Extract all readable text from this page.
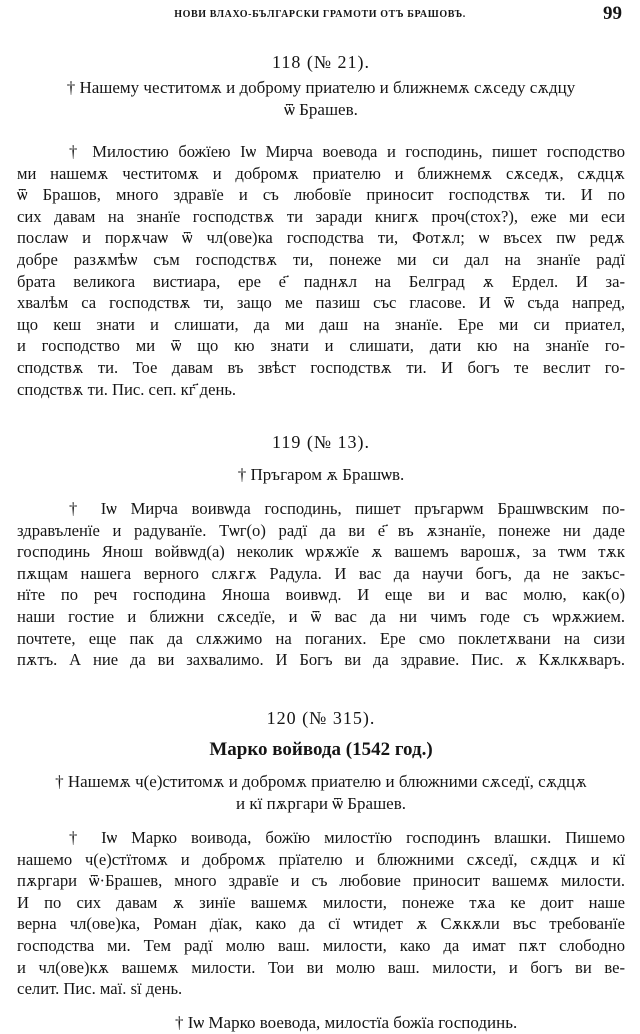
НОВИ ВЛАХО-БЪЛГАРСКИ ГРАМОТИ ОТЪ БРАШОВЪ.	99
118 (№ 21).
† Нашему честитомѫ и доброму приателю и ближнемѫ сѫседу сѫдцу
ѿ Брашев.
† Милостию божїею Іѡ Мирча воевода и господинь, пишет господство
ми нашемѫ честитомѫ и добромѫ приателю и ближнемѫ сѫседѫ, сѫдцѫ
ѿ Брашов, много здравїе и съ любовїе приносит господствѫ ти. И по
сих давам на знанїе господствѫ ти заради книгѫ проч(стох?), еже ми еси
послаѡ и порѫчаѡ ѿ чл(ове)ка господства ти, Фотѫл; ѡ въсех пѡ редѫ
добре разѫмѣѡ съм господствѫ ти, понеже ми си дал на знанїе радї
брата великога вистиара, ере е҃ паднѫл на Белград ѫ Ердел. И за-
хвалѣм са господствѫ ти, защо ме пазиш със гласове. И ѿ съда напред,
що кеш знати и слишати, да ми даш на знанїе. Ере ми си приател,
и господство ми ѿ що кю знати и слишати, дати кю на знанїе го-
сподствѫ ти. Тое давам въ звѣст господствѫ ти. И богъ те веслит го-
сподствѫ ти. Пис. сеп. кг҃ день.
119 (№ 13).
† Пръгаром ѫ Брашѡв.
† Іѡ Мирча воивѡда господинь, пишет пръгарѡм Брашѡвским по-
здравъленїе и радуванїе. Тѡг(о) радї да ви е҃ въ ѫзнанїе, понеже ни даде
господинь Янош войвѡд(а) неколик ѡрѫжїе ѫ вашемъ варошѫ, за тѡм тѫк
пѫщам нашега верного слѫгѫ Радула. И вас да научи богъ, да не закъс-
нїте по реч господина Яноша воивѡд. И еще ви и вас молю, как(о)
наши гостие и ближни сѫседїе, и ѿ вас да ни чимъ годе съ ѡрѫжием.
почтете, еще пак да слѫжимо на поганих. Ере смо поклетѫвани на сизи
пѫтъ. А ние да ви захвалимо. И Богъ ви да здравие. Пис. ѫ Кѫлкѫваръ.
120 (№ 315).
Марко войвода (1542 год.)
† Нашемѫ ч(е)ститомѫ и добромѫ приателю и блюжними сѫседї, сѫдцѫ
и кї пѫргари ѿ Брашев.
† Іѡ Марко воивода, божїю милостїю господинъ влашки. Пишемо
нашемо ч(е)стїтомѫ и добромѫ прїателю и блюжними сѫседї, сѫдцѫ и кї
пѫргари ѿ·Брашев, много здравїе и съ любовие приносит вашемѫ милости.
И по сих давам ѫ зинїе вашемѫ милости, понеже тѫа ке доит наше
верна чл(ове)ка, Роман дїак, како да сї ѡтидет ѫ Сѫкѫли въс требованїе
господства ми. Тем радї молю ваш. милости, како да имат пѫт слободно
и чл(ове)кѫ вашемѫ милости. Тои ви молю ваш. милости, и богъ ви ве-
селит. Пис. маї. ѕї день.
† Іѡ Марко воевода, милостїа божїа господинь.
